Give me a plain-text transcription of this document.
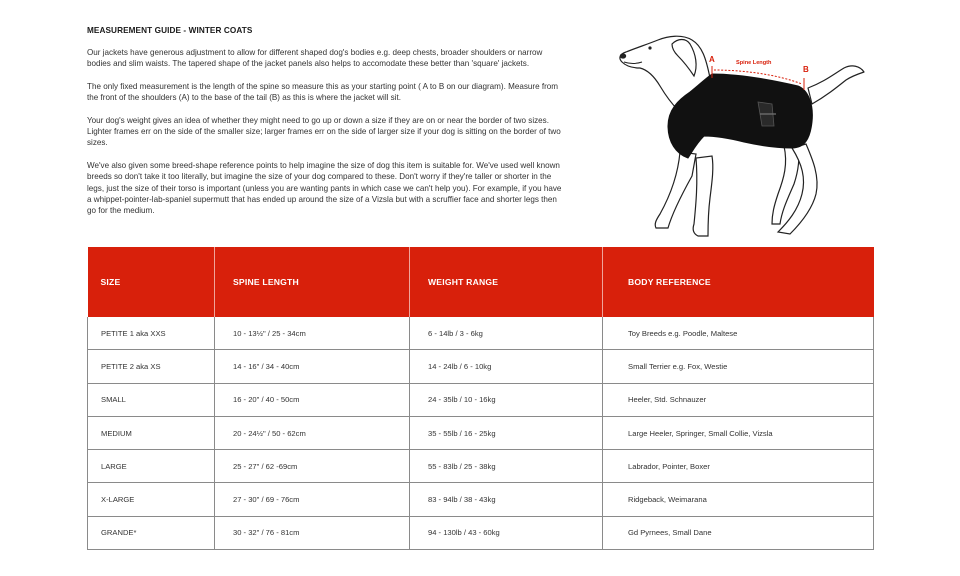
MEASUREMENT GUIDE - WINTER COATS

Our jackets have generous adjustment to allow for different shaped dog's bodies e.g. deep chests, broader shoulders or narrow bodies and slim waists. The tapered shape of the jacket panels also helps to accomodate these better than 'square' jackets.

The only fixed measurement is the length of the spine so measure this as your starting point ( A to B on our diagram). Measure from the front of the shoulders (A) to the base of the tail (B) as this is where the jacket will sit.

Your dog's weight gives an idea of whether they might need to go up or down a size if they are on or near the border of two sizes. Lighter frames err on the side of the smaller size; larger frames err on the side of larger size if your dog is sitting on the border of two sizes.

We've also given some breed-shape reference points to help imagine the size of dog this item is suitable for. We've used well known breeds so don't take it too literally, but imagine the size of your dog compared to these. Don't worry if they're taller or shorter in the legs, just the size of their torso is important (unless you are wanting pants in which case we can't help you). For example, if you have a whippet-pointer-lab-spaniel supermutt that has ended up around the size of a Vizsla but with a scruffier face and shorter legs then go for the medium.

A
B
Spine Length
SIZE	SPINE LENGTH	WEIGHT RANGE	BODY REFERENCE
PETITE 1 aka XXS	10 - 13½" / 25 - 34cm	6 - 14lb / 3 - 6kg	Toy Breeds e.g. Poodle, Maltese
PETITE 2 aka XS	14 - 16" / 34 - 40cm	14 - 24lb / 6 - 10kg	Small Terrier e.g. Fox, Westie
SMALL	16 - 20" / 40 - 50cm	24 - 35lb / 10 - 16kg	Heeler, Std. Schnauzer
MEDIUM	20 - 24½" / 50 - 62cm	35 - 55lb / 16 - 25kg	Large Heeler, Springer, Small Collie, Vizsla
LARGE	25 - 27" / 62 -69cm	55 - 83lb / 25 - 38kg	Labrador, Pointer, Boxer
X-LARGE	27 - 30" / 69 - 76cm	83 - 94lb / 38 - 43kg	Ridgeback, Weimarana
GRANDE*	30 - 32" / 76 - 81cm	94 - 130lb / 43 - 60kg	Gd Pyrnees, Small Dane
